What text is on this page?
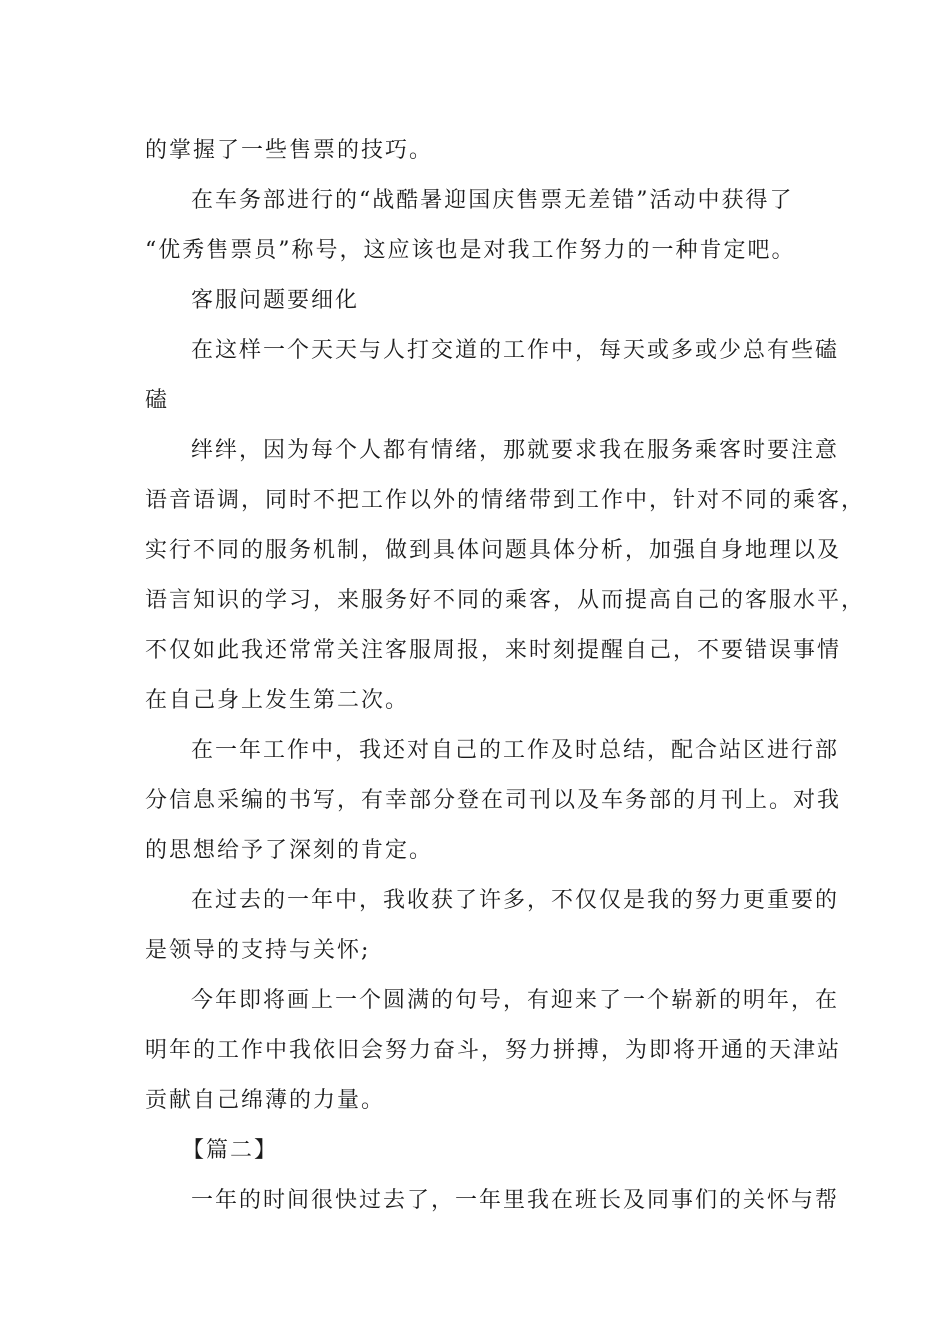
的掌握了一些售票的技巧。
在车务部进行的“战酷暑迎国庆售票无差错”活动中获得了
“优秀售票员”称号，这应该也是对我工作努力的一种肯定吧。
客服问题要细化
在这样一个天天与人打交道的工作中，每天或多或少总有些磕
磕
绊绊，因为每个人都有情绪，那就要求我在服务乘客时要注意
语音语调，同时不把工作以外的情绪带到工作中，针对不同的乘客，
实行不同的服务机制，做到具体问题具体分析，加强自身地理以及
语言知识的学习，来服务好不同的乘客，从而提高自己的客服水平，
不仅如此我还常常关注客服周报，来时刻提醒自己，不要错误事情
在自己身上发生第二次。
在一年工作中，我还对自己的工作及时总结，配合站区进行部
分信息采编的书写，有幸部分登在司刊以及车务部的月刊上。对我
的思想给予了深刻的肯定。
在过去的一年中，我收获了许多，不仅仅是我的努力更重要的
是领导的支持与关怀;
今年即将画上一个圆满的句号，有迎来了一个崭新的明年，在
明年的工作中我依旧会努力奋斗，努力拼搏，为即将开通的天津站
贡献自己绵薄的力量。
【篇二】
一年的时间很快过去了，一年里我在班长及同事们的关怀与帮
